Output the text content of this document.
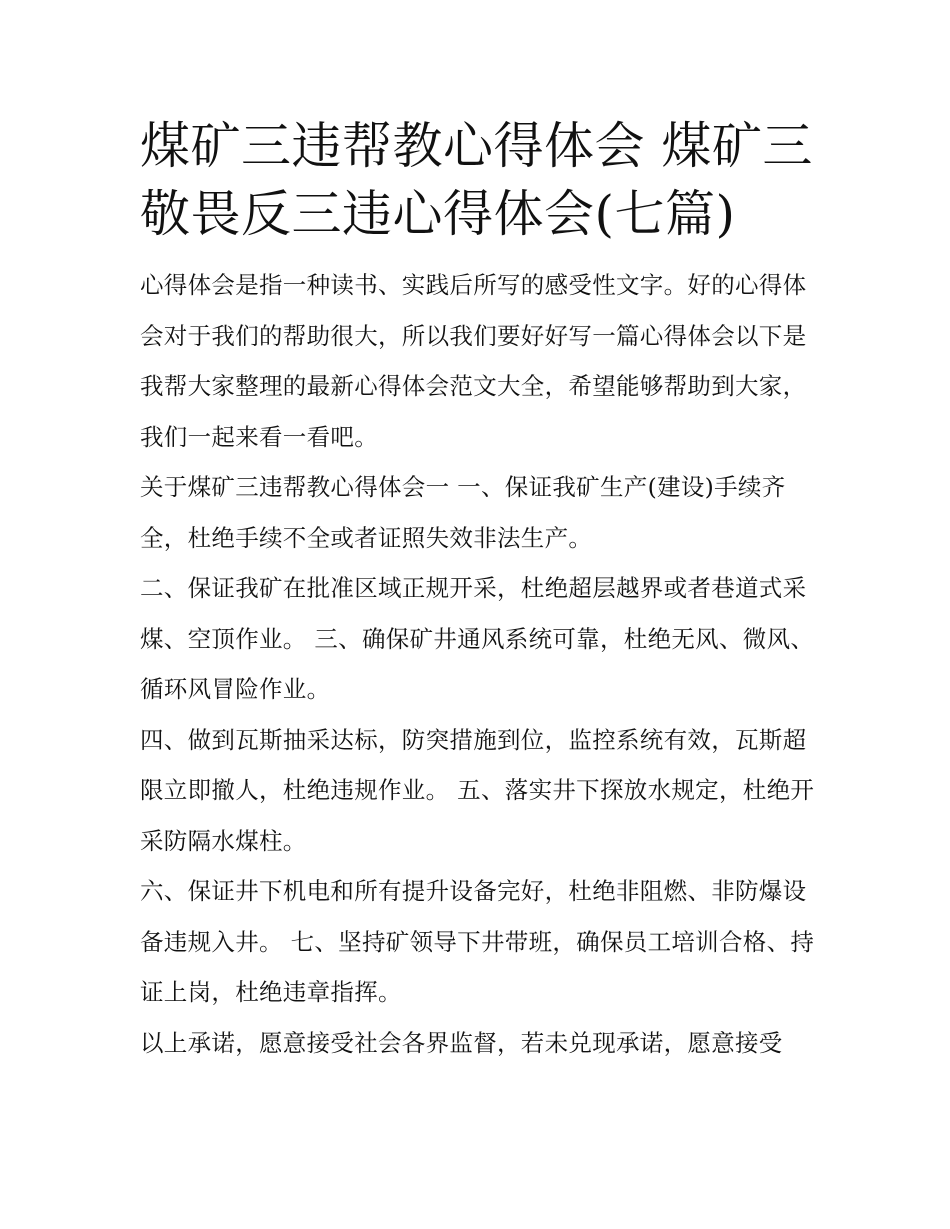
煤矿三违帮教心得体会 煤矿三敬畏反三违心得体会(七篇)

心得体会是指一种读书、实践后所写的感受性文字。好的心得体会对于我们的帮助很大，所以我们要好好写一篇心得体会以下是我帮大家整理的最新心得体会范文大全，希望能够帮助到大家，我们一起来看一看吧。

关于煤矿三违帮教心得体会一 一、保证我矿生产(建设)手续齐全，杜绝手续不全或者证照失效非法生产。

二、保证我矿在批准区域正规开采，杜绝超层越界或者巷道式采煤、空顶作业。 三、确保矿井通风系统可靠，杜绝无风、微风、循环风冒险作业。

四、做到瓦斯抽采达标，防突措施到位，监控系统有效，瓦斯超限立即撤人，杜绝违规作业。 五、落实井下探放水规定，杜绝开采防隔水煤柱。

六、保证井下机电和所有提升设备完好，杜绝非阻燃、非防爆设备违规入井。 七、坚持矿领导下井带班，确保员工培训合格、持证上岗，杜绝违章指挥。

以上承诺，愿意接受社会各界监督，若未兑现承诺，愿意接受
